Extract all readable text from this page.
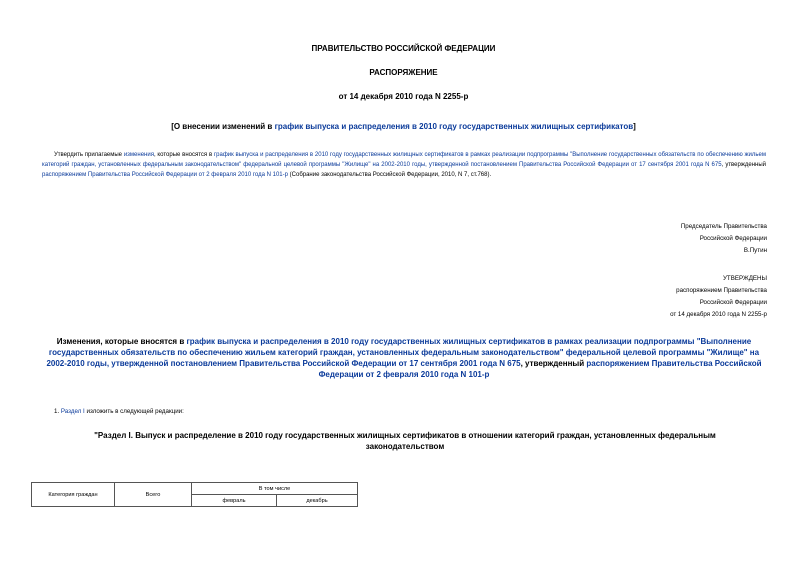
ПРАВИТЕЛЬСТВО РОССИЙСКОЙ ФЕДЕРАЦИИ
РАСПОРЯЖЕНИЕ
от 14 декабря 2010 года N 2255-р
[О внесении изменений в график выпуска и распределения в 2010 году государственных жилищных сертификатов]
Утвердить прилагаемые изменения, которые вносятся в график выпуска и распределения в 2010 году государственных жилищных сертификатов в рамках реализации подпрограммы "Выполнение государственных обязательств по обеспечению жильем категорий граждан, установленных федеральным законодательством" федеральной целевой программы "Жилище" на 2002-2010 годы, утвержденной постановлением Правительства Российской Федерации от 17 сентября 2001 года N 675, утвержденный распоряжением Правительства Российской Федерации от 2 февраля 2010 года N 101-р (Собрание законодательства Российской Федерации, 2010, N 7, ст.768).
Председатель Правительства
Российской Федерации
В.Путин
УТВЕРЖДЕНЫ
распоряжением Правительства
Российской Федерации
от 14 декабря 2010 года N 2255-р
Изменения, которые вносятся в график выпуска и распределения в 2010 году государственных жилищных сертификатов в рамках реализации подпрограммы "Выполнение государственных обязательств по обеспечению жильем категорий граждан, установленных федеральным законодательством" федеральной целевой программы "Жилище" на 2002-2010 годы, утвержденной постановлением Правительства Российской Федерации от 17 сентября 2001 года N 675, утвержденный распоряжением Правительства Российской Федерации от 2 февраля 2010 года N 101-р
1. Раздел I изложить в следующей редакции:
"Раздел I. Выпуск и распределение в 2010 году государственных жилищных сертификатов в отношении категорий граждан, установленных федеральным законодательством
Категория граждан	Всего	В том числе	
		февраль	декабрь
